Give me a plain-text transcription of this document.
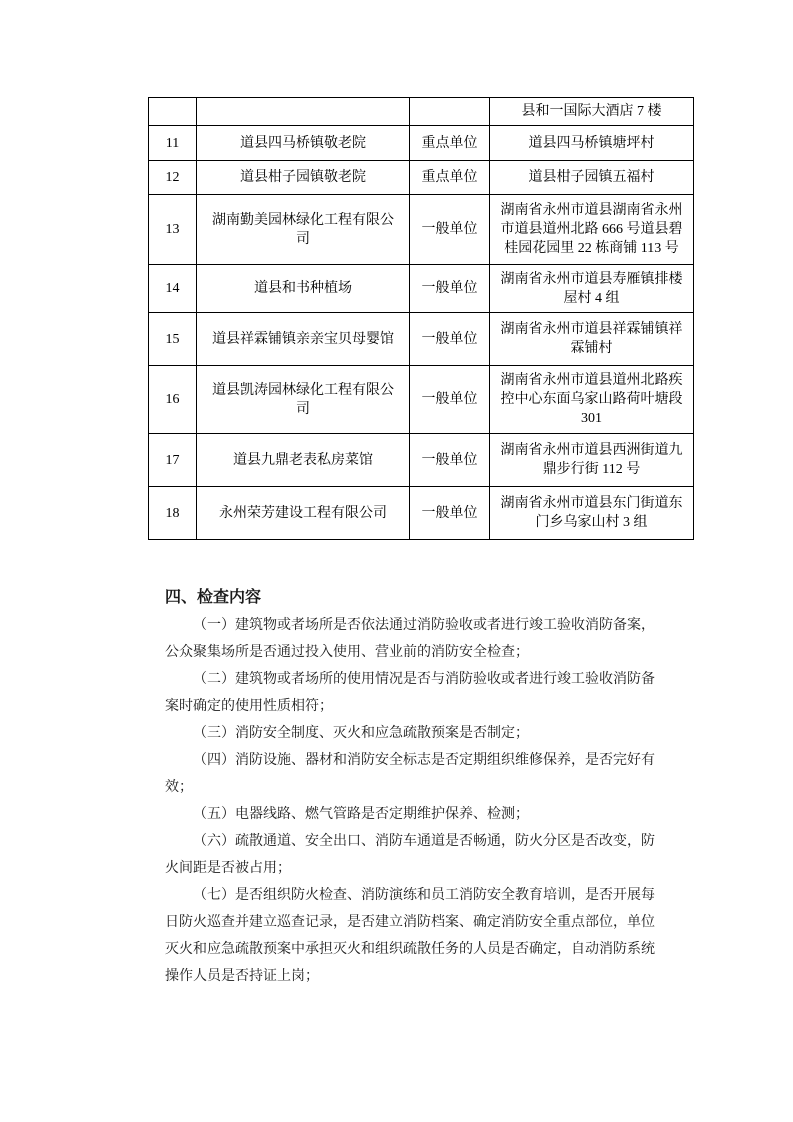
			县和一国际大酒店 7 楼
11	道县四马桥镇敬老院	重点单位	道县四马桥镇塘坪村
12	道县柑子园镇敬老院	重点单位	道县柑子园镇五福村
13	湖南勤美园林绿化工程有限公司	一般单位	湖南省永州市道县湖南省永州市道县道州北路 666 号道县碧桂园花园里 22 栋商铺 113 号
14	道县和书种植场	一般单位	湖南省永州市道县寿雁镇排楼屋村 4 组
15	道县祥霖铺镇亲亲宝贝母婴馆	一般单位	湖南省永州市道县祥霖铺镇祥霖铺村
16	道县凯涛园林绿化工程有限公司	一般单位	湖南省永州市道县道州北路疾控中心东面乌家山路荷叶塘段 301
17	道县九鼎老表私房菜馆	一般单位	湖南省永州市道县西洲街道九鼎步行街 112 号
18	永州荣芳建设工程有限公司	一般单位	湖南省永州市道县东门街道东门乡乌家山村 3 组
四、检查内容

（一）建筑物或者场所是否依法通过消防验收或者进行竣工验收消防备案，公众聚集场所是否通过投入使用、营业前的消防安全检查；

（二）建筑物或者场所的使用情况是否与消防验收或者进行竣工验收消防备案时确定的使用性质相符；

（三）消防安全制度、灭火和应急疏散预案是否制定；

（四）消防设施、器材和消防安全标志是否定期组织维修保养，是否完好有效；

（五）电器线路、燃气管路是否定期维护保养、检测；

（六）疏散通道、安全出口、消防车通道是否畅通，防火分区是否改变，防火间距是否被占用；

（七）是否组织防火检查、消防演练和员工消防安全教育培训，是否开展每日防火巡查并建立巡查记录，是否建立消防档案、确定消防安全重点部位，单位灭火和应急疏散预案中承担灭火和组织疏散任务的人员是否确定，自动消防系统操作人员是否持证上岗；
